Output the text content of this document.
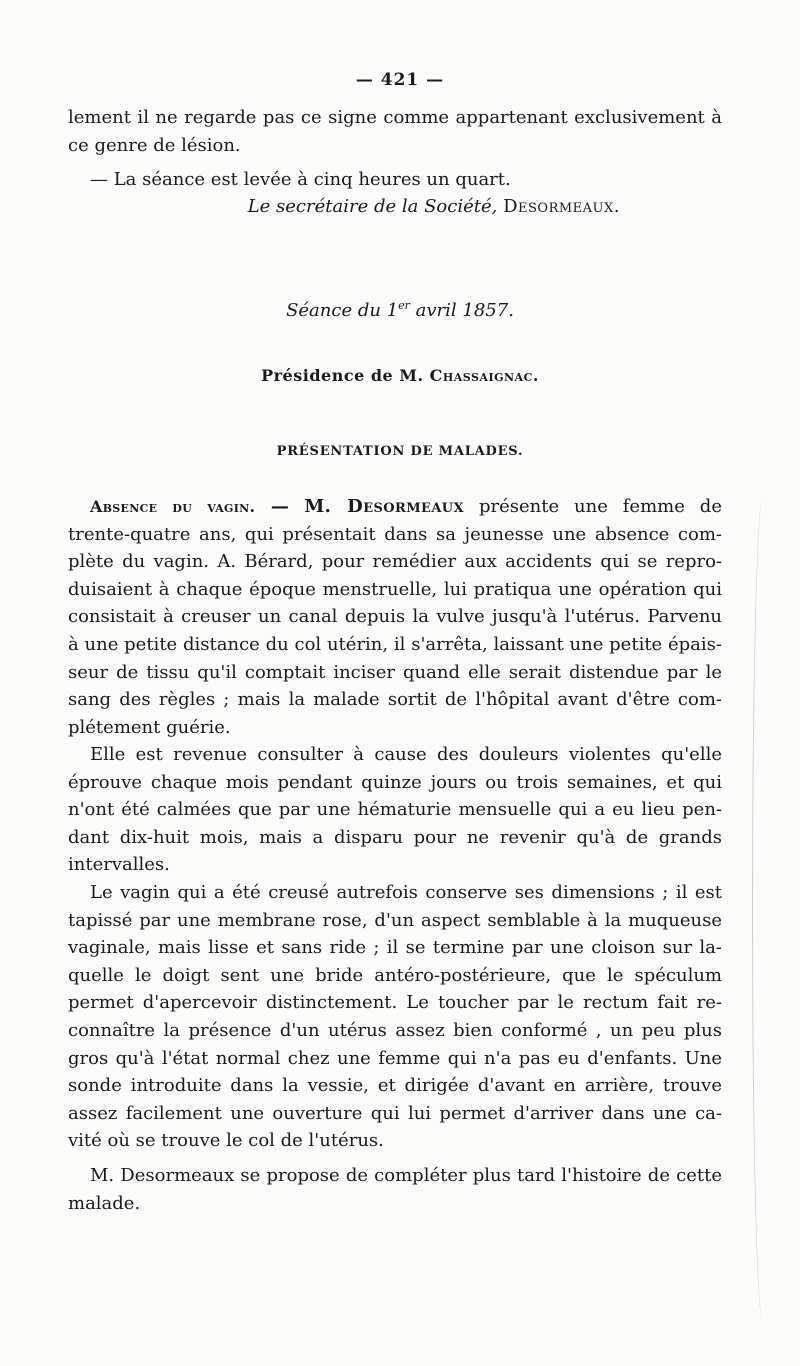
— 421 —
lement il ne regarde pas ce signe comme appartenant exclusivement à
ce genre de lésion.
— La séance est levée à cinq heures un quart.
Le secrétaire de la Société, Desormeaux.
Séance du 1er avril 1857.
Présidence de M. Chassaignac.
PRÉSENTATION DE MALADES.
Absence du vagin. — M. Desormeaux présente une femme de
trente-quatre ans, qui présentait dans sa jeunesse une absence com-
plète du vagin. A. Bérard, pour remédier aux accidents qui se repro-
duisaient à chaque époque menstruelle, lui pratiqua une opération qui
consistait à creuser un canal depuis la vulve jusqu'à l'utérus. Parvenu
à une petite distance du col utérin, il s'arrêta, laissant une petite épais-
seur de tissu qu'il comptait inciser quand elle serait distendue par le
sang des règles ; mais la malade sortit de l'hôpital avant d'être com-
plétement guérie.
Elle est revenue consulter à cause des douleurs violentes qu'elle
éprouve chaque mois pendant quinze jours ou trois semaines, et qui
n'ont été calmées que par une hématurie mensuelle qui a eu lieu pen-
dant dix-huit mois, mais a disparu pour ne revenir qu'à de grands
intervalles.
Le vagin qui a été creusé autrefois conserve ses dimensions ; il est
tapissé par une membrane rose, d'un aspect semblable à la muqueuse
vaginale, mais lisse et sans ride ; il se termine par une cloison sur la-
quelle le doigt sent une bride antéro-postérieure, que le spéculum
permet d'apercevoir distinctement. Le toucher par le rectum fait re-
connaître la présence d'un utérus assez bien conformé , un peu plus
gros qu'à l'état normal chez une femme qui n'a pas eu d'enfants. Une
sonde introduite dans la vessie, et dirigée d'avant en arrière, trouve
assez facilement une ouverture qui lui permet d'arriver dans une ca-
vité où se trouve le col de l'utérus.
M. Desormeaux se propose de compléter plus tard l'histoire de cette
malade.
